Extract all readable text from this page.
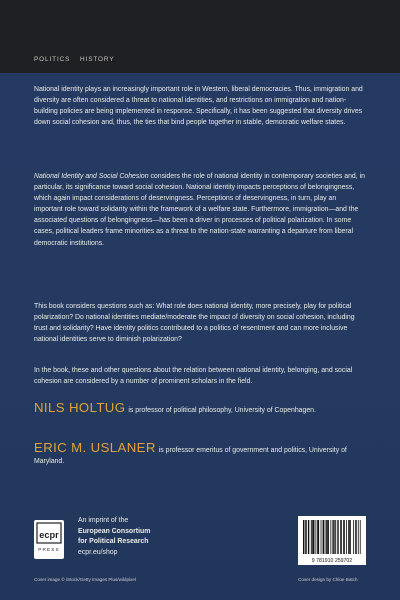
POLITICS HISTORY
National identity plays an increasingly important role in Western, liberal democracies. Thus, immigration and diversity are often considered a threat to national identities, and restrictions on immigration and nation-building policies are being implemented in response. Specifically, it has been suggested that diversity drives down social cohesion and, thus, the ties that bind people together in stable, democratic welfare states.
National Identity and Social Cohesion considers the role of national identity in contemporary societies and, in particular, its significance toward social cohesion. National identity impacts perceptions of belongingness, which again impact considerations of deservingness. Perceptions of deservingness, in turn, play an important role toward solidarity within the framework of a welfare state. Furthermore, immigration—and the associated questions of belongingness—has been a driver in processes of political polarization. In some cases, political leaders frame minorities as a threat to the nation-state warranting a departure from liberal democratic institutions.
This book considers questions such as: What role does national identity, more precisely, play for political polarization? Do national identities mediate/moderate the impact of diversity on social cohesion, including trust and solidarity? Have identity politics contributed to a politics of resentment and can more inclusive national identities serve to diminish polarization?
In the book, these and other questions about the relation between national identity, belonging, and social cohesion are considered by a number of prominent scholars in the field.
NILS HOLTUG is professor of political philosophy, University of Copenhagen.
ERIC M. USLANER is professor emeritus of government and politics, University of Maryland.
ecpr
PRESS
An imprint of the
European Consortium
for Political Research
ecpr.eu/shop
9 781910 259702
Cover image © iStock/Getty Images Plus/wildpixel	Cover design by Chloe Batch
